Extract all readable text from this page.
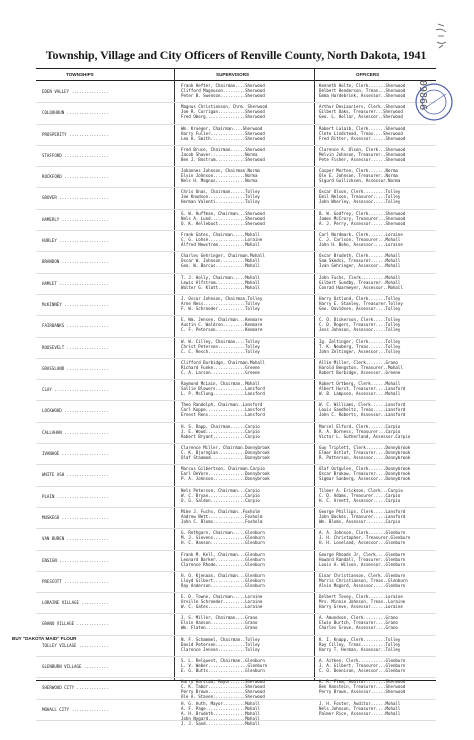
Township, Village and City Officers of Renville County, North Dakota, 1941
TOWNSHIPS	SUPERVISORS	OFFICERS
EDEN VALLEY ...............
Frank Hefter, Chairman....Sherwood
Clifford Magnuson.........Sherwood
Peter B. Swenson..........Sherwood
Kenneth Holte, Clerk.......Sherwood
Delbert Henderson, Treas...Sherwood
Emma Hardebrink, Assessor..Sherwood
COLQUHOUN .................
Magnus Christianson, Chrm. Sherwood
Joe R. Corrigan...........Sherwood
Fred Oberg................Sherwood
Arthur DesLauriers, Clerk..Sherwood
Gilbert Oaks, Treasurer...Sherwood
Geo. L. Hollar, Assessor..Sherwood
PROSPERITY ................
Wm. Krueger, Chairman....Sherwood
Harry Fuller..............Sherwood
Leo H. Smith..............Sherwood
Robert Lalaib, Clerk.......Sherwood
Clete Lindstead, Treas....Sherwood
Fred Ritter, Assessor......Sherwood
STAFFORD ..................
Fred Bruce, Chairman......Sherwood
Jacob Shaver..............Norma
Ben J. Bostrum............Sherwood
Clarence A. Olson, Clerk...Sherwood
Melvin Johnson, Treasurer..Sherwood
Pete Fisher, Assessor......Sherwood
ROCKFORD ..................
Johannes Johnson, Chairman.Norma
Elvin Johnson.............Norma
Nels H. Magnus............Norma
Casper Morten, Clerk.......Norma
Ole E. Johnson, Treasurer..Norma
Sigurd Gullicksen, Assessor.Norma
GROVER ....................
Chris Onas, Chairman......Tolley
Joe Knudson...............Tolley
Herman Valenti............Tolley
Oscar Olson, Clerk.........Tolley
Emil Nelson, Treasurer.....Tolley
John Wherley, Assessor.....Tolley
HAMERLY ...................
G. W. Huffman, Chairman...Sherwood
Nels A. Lund..............Sherwood
O. K. Hellebust...........Sherwood
B. W. Godfrey, Clerk.......Sherwood
James McCrory, Treasurer...Sherwood
A. J. Perry, Assessor......Sherwood
HURLEY ....................
Frank Gates, Chairman.....Mohall
C. G. Lohse...............Loraine
Alfred Newstrom...........Mohall
Carl Nordmark, Clerk.......Loraine
C. J. Carlson, Treasurer...Mohall
John H. Bohn, Assessor.....Loraine
BRANDON ...................
Charles Gehringer, Chairman.Mohall
Oscar W. Johnson..........Mohall
Geo. W. Barcus............Mohall
Oscar Brudeth, Clerk.......Mohall
Sam Skedsi, Treasurer......Mohall
Ivan Gehringer, Assessor...Mohall
HAMLET ....................
T. J. Holly, Chairman.....Mohall
Lewis Alfstrom............Mohall
Walter G. Klatt...........Mohall
John Fuchs, Clerk..........Mohall
Gilbert Sundby, Treasurer..Mohall
Conrad Haarmeyer, Assessor..Mohall
McKINNEY ..................
J. Oscar Johnson, Chairman.Tolley
Arne Ness.................Tolley
F. W. Schroeder...........Tolley
Harry Ostlund, Clerk.......Tolley
Harry E. Stanley, Treasurer.Tolley
Geo. Davidsen, Assessor....Tolley
FAIRBANKS .................
E. Wm. Jensen, Chairman...Kenmare
Austin C. Waldron.........Kenmare
C. F. Peterson............Kenmare
C. O. Dickerson, Clerk.....Tolley
C. D. Rogers, Treasurer....Tolley
Jess Johnson, Assessor.....Tolley
ROOSEVELT .................
W. W. Cilley, Chairman....Tolley
Christ Petersen...........Tolley
C. C. Resch...............Tolley
Ig. Zeltinger, Clerk.......Tolley
T. K. Neuberg, Treas.......Tolley
John Zeltinger, Assessor...Tolley
GRASSLAND .................
Clifford Burbidge, Chairman.Mohall
Richard Funke.............Greene
C. A. Larson..............Greene
Allie Miller, Clerk........Grano
Harold Bengston, Treasurer..Mohall
Robert Burbidge, Assessor..Greene
CLAY ......................
Raymond McLain, Chairman..Mohall
Sallie Blowers............Lansford
L. P. McClung.............Lansford
Robert Ortberg, Clerk......Mohall
Albert Hurst, Treasurer....Lansford
W. B. Lampson, Assessor....Mohall
LOCKWOOD ..................
Theo Randolph, Chairman..Lansford
Carl Koppe................Lansford
Ernest Rens...............Lansford
W. C. Williams, Clerk......Lansford
Louis Sandholtz, Treas.....Lansford
John C. Roberts, Assessor..Lansford
CALLAHAN ..................
H. S. Rapp, Chairman......Carpio
J. E. Wood................Carpio
Robert Bryant.............Carpio
Marcel Elford, Clerk.......Carpio
R. A. Borness, Treasurer...Carpio
Victor L. Sutherland, Assessor.Carpio
IVANHOE ...................
Clarence Miller, Chairman.Donnybrook
C. K. Bjornglan...........Donnybrook
Olaf Staamod..............Donnybrook
Guy Triplett, Clerk........Donnybrook
Elmer Ostlof, Treasurer....Donnybrook
R. Patterson, Assessor.....Donnybrook
WHITE ASH .................
Marcus Gilbertson, Chairman.Carpio
Earl DeVore...............Donnybrook
P. A. Johnson.............Donnybrook
Olaf Ostgulen, Clerk.......Donnybrook
Oscar Brokaw, Treasurer....Donnybrook
Sigmar Sanberg, Assessor...Donnybrook
PLAIN .....................
Nels Peterson, Chairman...Carpio
W. C. Bryan...............Carpio
O. G. Saldon..............Carpio
Tilmer A. Erickson, Clerk...Carpio
C. D. Adams, Treasurer.....Carpio
H. C. Arnett, Assessor.....Carpio
MUSKEGO ...................
Mike J. Fuchs, Chairman..Foxholm
Andrew Nett...............Foxholm
John C. Bloms.............Foxholm
George Phillips, Clerk.....Lansford
John Backes, Treasurer.....Lansford
Wm. Bloms, Assessor........Carpio
VAN BUREN .................
G. Rothgarn, Chairman.....Glenburn
M. J. Sievens.............Glenburn
H. C. Hanson..............Glenburn
A. A. Johnson, Clerk.......Glenburn
J. H. Christopher, Treasurer.Glenburn
H. H. Loveland, Assessor...Glenburn
ENSIGN ....................
Frank M. Kell, Chairman...Glenburn
Leonard Barker............Glenburn
Clarence Rhode............Glenburn
George Rhoads Jr, Clerk....Glenburn
Howard Randall, Treasurer..Glenburn
Louis A. Wilson, Assessor..Glenburn
PRESCOTT ..................
H. O. Kjenaas, Chairman...Glenburn
Lloyd Gilbert.............Glenburn
Ray Anderson..............Glenburn
Einar Christianson, Clerk..Glenburn
Morris Christianson, Treas..Glenburn
Alvin Mogard, Assessor.....Glenburn
LORAINE VILLAGE ...........
E. D. Towne, Chairman.....Loraine
Orville Schroeder.........Loraine
W. C. Gates...............Loraine
Delbert Tovey, Clerk.......Loraine
Mrs. Minnie Johnson, Treas..Loraine
Harry Greve, Assessor......Loraine
GRANO VILLAGE .............
J. S. Miller, Chairman....Grano
Elvin Hanson..............Grano
Wm. Flaten................Grano
A. Amundson, Clerk.........Grano
Elwin Burtch, Treasurer....Grano
Charles Grove, Assessor....Grano
TOLLEY VILLAGE ............
N. F. Schammel, Chairman..Tolley
David Petersen............Tolley
Clarence Jensen...........Tolley
K. I. Knapp, Clerk.........Tolley
Roy Cilley, Treas..........Tolley
Harry T. Herman, Assessor..Tolley
GLENBURN VILLAGE ..........
S. L. Relquest, Chairman..Glenburn
L. V. Weber................Glenburn
E. G. Butts...............Glenburn
A. Aitken, Clerk...........Glenburn
J. A. Gilbert, Treasurer...Glenburn
C. O. Dennison, Assessor...Glenburn
SHERWOOD CITY .............
Harry Harstad, Mayor......Sherwood
C. K. Tabor...............Sherwood
Perry Brown...............Sherwood
Ole A. Staven.............Sherwood
K. R. Flem, Auditor........Sherwood
Ben Hanstein, Treasurer....Sherwood
Perry Brown, Assessor......Sherwood
MOHALL CITY ...............
H. G. Auth, Mayor.........Mohall
A. F. Page................Mohall
A. H. Brudeth.............Mohall
John Nygard...............Mohall
J. J. Sand................Mohall
J. H. Foster, Auditor......Mohall
Nels Johnson, Treasurer....Mohall
Palmer Rice, Assessor......Mohall
BUY "DAKOTA MAID" FLOUR
09866
